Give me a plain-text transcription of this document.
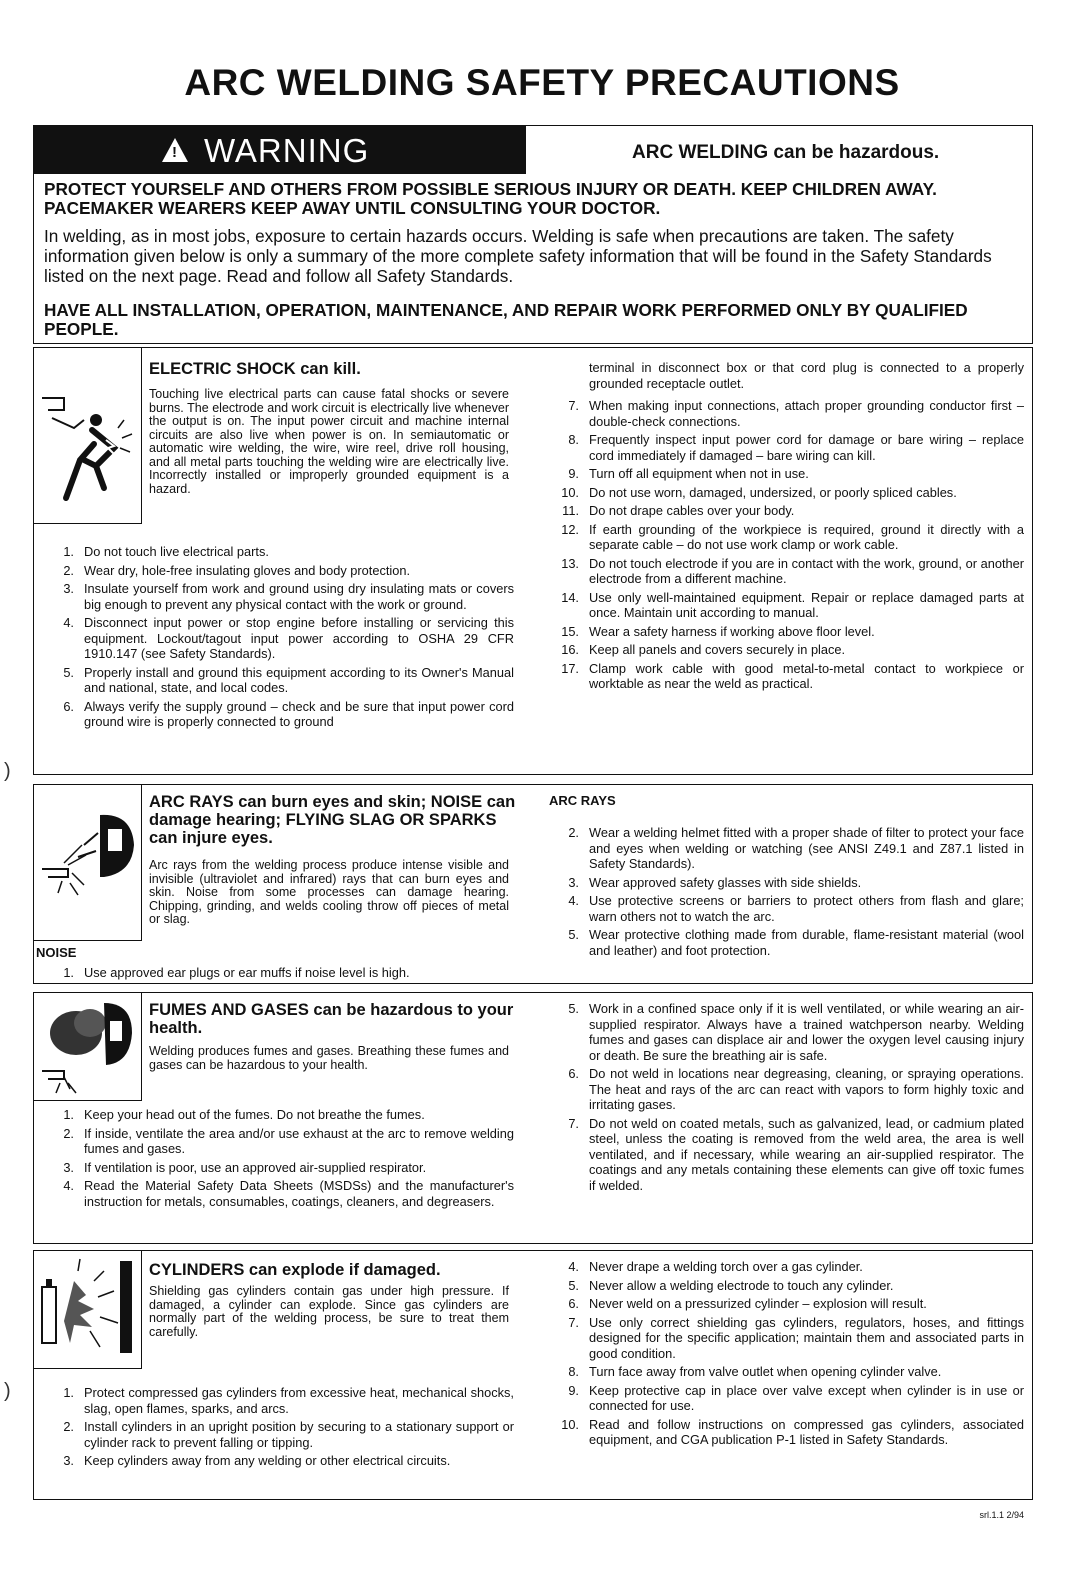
ARC WELDING SAFETY PRECAUTIONS
! WARNING	ARC WELDING can be hazardous.
PROTECT YOURSELF AND OTHERS FROM POSSIBLE SERIOUS INJURY OR DEATH. KEEP CHILDREN AWAY. PACEMAKER WEARERS KEEP AWAY UNTIL CONSULTING YOUR DOCTOR.
In welding, as in most jobs, exposure to certain hazards occurs. Welding is safe when precautions are taken. The safety information given below is only a summary of the more complete safety information that will be found in the Safety Standards listed on the next page. Read and follow all Safety Standards.
HAVE ALL INSTALLATION, OPERATION, MAINTENANCE, AND REPAIR WORK PERFORMED ONLY BY QUALIFIED PEOPLE.
ELECTRIC SHOCK can kill.
Touching live electrical parts can cause fatal shocks or severe burns. The electrode and work circuit is electrically live whenever the output is on. The input power circuit and machine internal circuits are also live when power is on. In semiautomatic or automatic wire welding, the wire, wire reel, drive roll housing, and all metal parts touching the welding wire are electrically live. Incorrectly installed or improperly grounded equipment is a hazard.
1. Do not touch live electrical parts.
2. Wear dry, hole-free insulating gloves and body protection.
3. Insulate yourself from work and ground using dry insulating mats or covers big enough to prevent any physical contact with the work or ground.
4. Disconnect input power or stop engine before installing or servicing this equipment. Lockout/tagout input power according to OSHA 29 CFR 1910.147 (see Safety Standards).
5. Properly install and ground this equipment according to its Owner's Manual and national, state, and local codes.
6. Always verify the supply ground – check and be sure that input power cord ground wire is properly connected to ground
terminal in disconnect box or that cord plug is connected to a properly grounded receptacle outlet.
7. When making input connections, attach proper grounding conductor first – double-check connections.
8. Frequently inspect input power cord for damage or bare wiring – replace cord immediately if damaged – bare wiring can kill.
9. Turn off all equipment when not in use.
10. Do not use worn, damaged, undersized, or poorly spliced cables.
11. Do not drape cables over your body.
12. If earth grounding of the workpiece is required, ground it directly with a separate cable – do not use work clamp or work cable.
13. Do not touch electrode if you are in contact with the work, ground, or another electrode from a different machine.
14. Use only well-maintained equipment. Repair or replace damaged parts at once. Maintain unit according to manual.
15. Wear a safety harness if working above floor level.
16. Keep all panels and covers securely in place.
17. Clamp work cable with good metal-to-metal contact to workpiece or worktable as near the weld as practical.
ARC RAYS can burn eyes and skin; NOISE can damage hearing; FLYING SLAG OR SPARKS can injure eyes.
Arc rays from the welding process produce intense visible and invisible (ultraviolet and infrared) rays that can burn eyes and skin. Noise from some processes can damage hearing. Chipping, grinding, and welds cooling throw off pieces of metal or slag.
NOISE
1. Use approved ear plugs or ear muffs if noise level is high.
ARC RAYS
2. Wear a welding helmet fitted with a proper shade of filter to protect your face and eyes when welding or watching (see ANSI Z49.1 and Z87.1 listed in Safety Standards).
3. Wear approved safety glasses with side shields.
4. Use protective screens or barriers to protect others from flash and glare; warn others not to watch the arc.
5. Wear protective clothing made from durable, flame-resistant material (wool and leather) and foot protection.
FUMES AND GASES can be hazardous to your health.
Welding produces fumes and gases. Breathing these fumes and gases can be hazardous to your health.
1. Keep your head out of the fumes. Do not breathe the fumes.
2. If inside, ventilate the area and/or use exhaust at the arc to remove welding fumes and gases.
3. If ventilation is poor, use an approved air-supplied respirator.
4. Read the Material Safety Data Sheets (MSDSs) and the manufacturer's instruction for metals, consumables, coatings, cleaners, and degreasers.
5. Work in a confined space only if it is well ventilated, or while wearing an air-supplied respirator. Always have a trained watchperson nearby. Welding fumes and gases can displace air and lower the oxygen level causing injury or death. Be sure the breathing air is safe.
6. Do not weld in locations near degreasing, cleaning, or spraying operations. The heat and rays of the arc can react with vapors to form highly toxic and irritating gases.
7. Do not weld on coated metals, such as galvanized, lead, or cadmium plated steel, unless the coating is removed from the weld area, the area is well ventilated, and if necessary, while wearing an air-supplied respirator. The coatings and any metals containing these elements can give off toxic fumes if welded.
CYLINDERS can explode if damaged.
Shielding gas cylinders contain gas under high pressure. If damaged, a cylinder can explode. Since gas cylinders are normally part of the welding process, be sure to treat them carefully.
1. Protect compressed gas cylinders from excessive heat, mechanical shocks, slag, open flames, sparks, and arcs.
2. Install cylinders in an upright position by securing to a stationary support or cylinder rack to prevent falling or tipping.
3. Keep cylinders away from any welding or other electrical circuits.
4. Never drape a welding torch over a gas cylinder.
5. Never allow a welding electrode to touch any cylinder.
6. Never weld on a pressurized cylinder – explosion will result.
7. Use only correct shielding gas cylinders, regulators, hoses, and fittings designed for the specific application; maintain them and associated parts in good condition.
8. Turn face away from valve outlet when opening cylinder valve.
9. Keep protective cap in place over valve except when cylinder is in use or connected for use.
10. Read and follow instructions on compressed gas cylinders, associated equipment, and CGA publication P-1 listed in Safety Standards.
srl.1.1 2/94
)
)
